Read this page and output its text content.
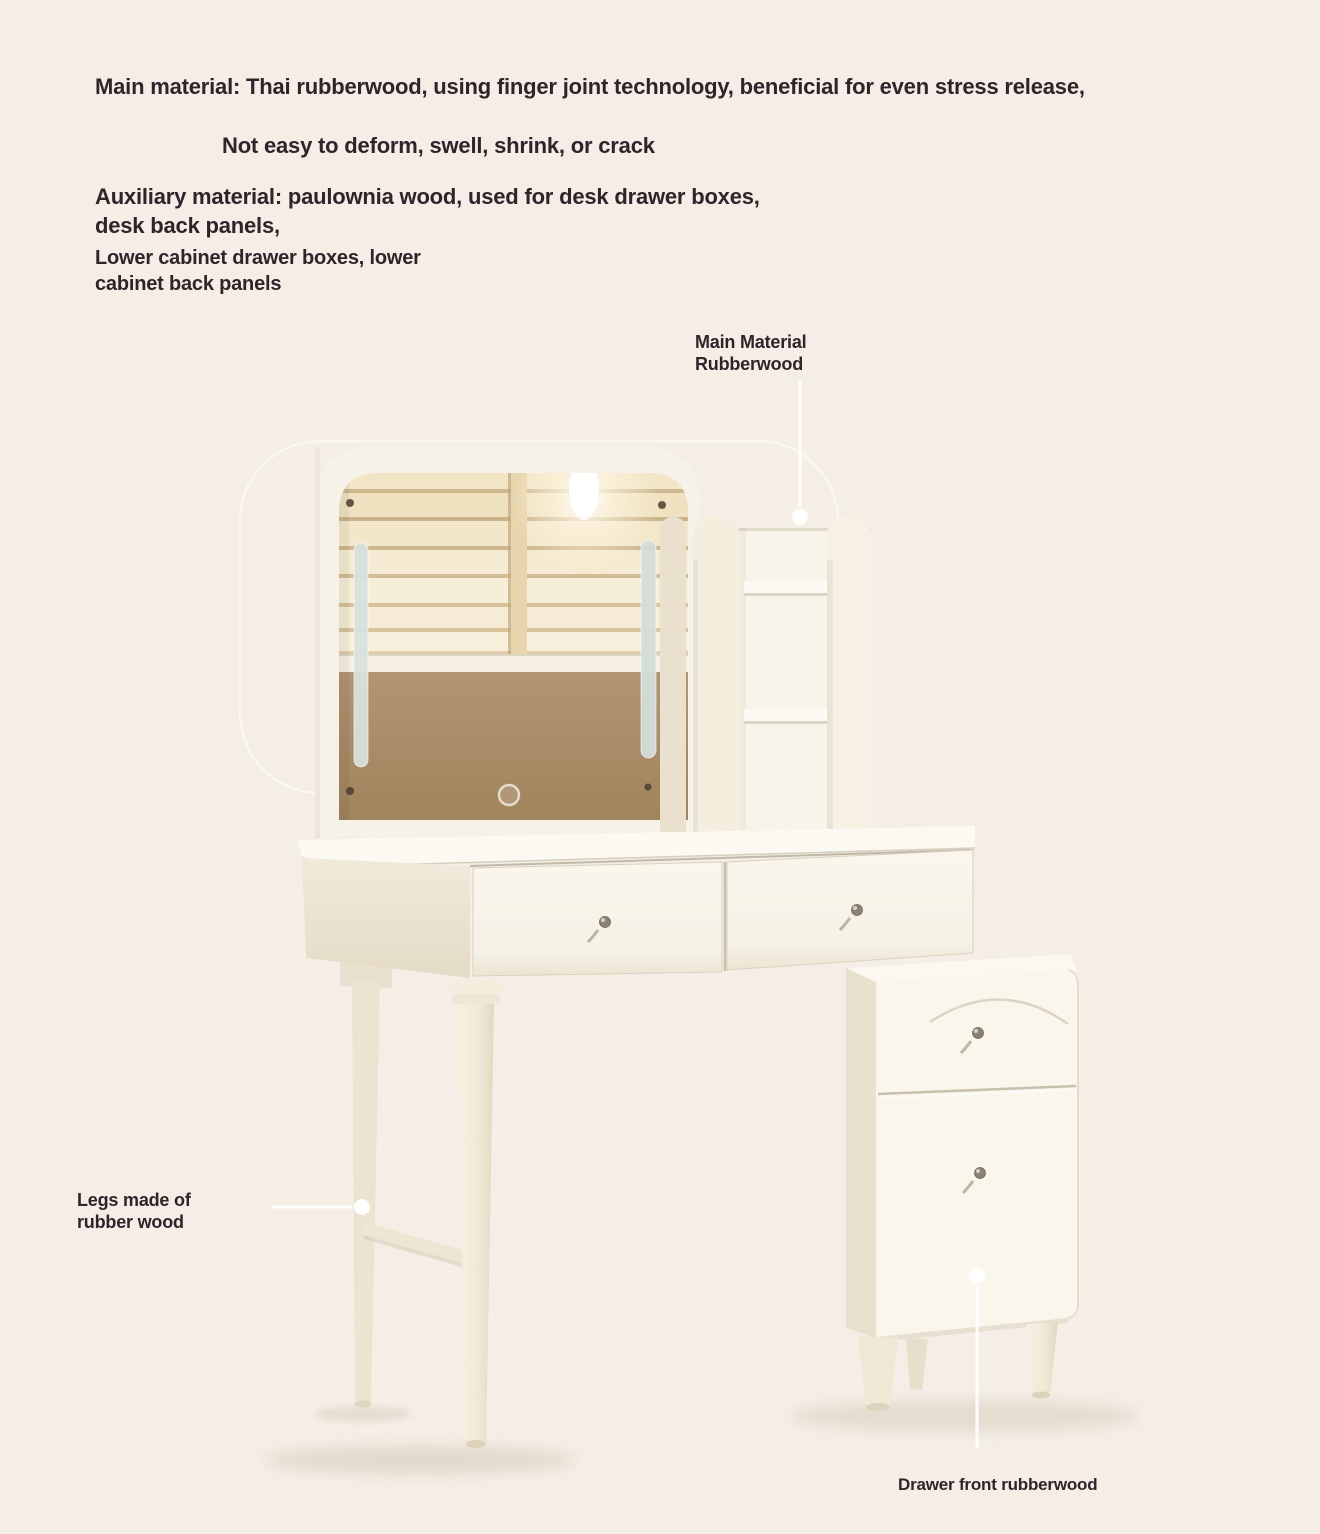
Main material: Thai rubberwood, using finger joint technology, beneficial for even stress release,
Not easy to deform, swell, shrink, or crack
Auxiliary material: paulownia wood, used for desk drawer boxes,
desk back panels,
Lower cabinet drawer boxes, lower
cabinet back panels
Main Material
Rubberwood
Legs made of
rubber wood
Drawer front rubberwood
